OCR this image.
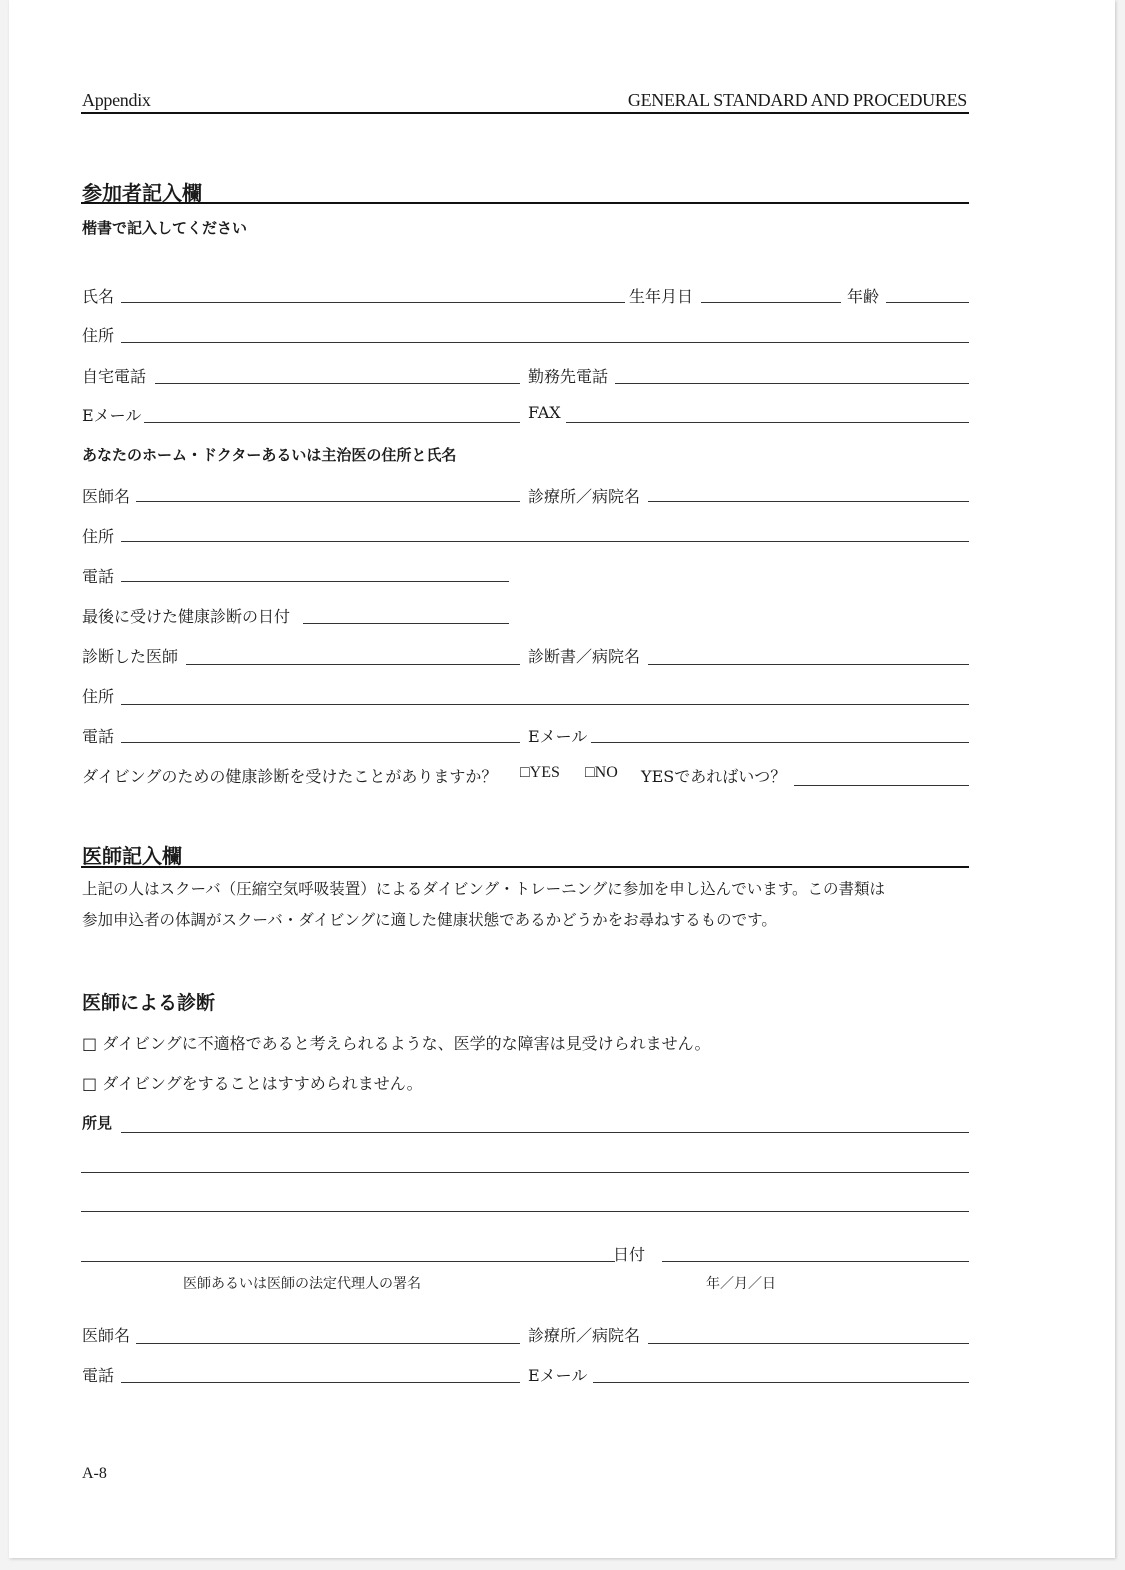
Appendix	GENERAL STANDARD AND PROCEDURES
参加者記入欄
楷書で記入してください
氏名	生年月日	年齢
住所
自宅電話	勤務先電話
Eメール	FAX
あなたのホーム・ドクターあるいは主治医の住所と氏名
医師名	診療所／病院名
住所
電話
最後に受けた健康診断の日付
診断した医師	診断書／病院名
住所
電話	Eメール
ダイビングのための健康診断を受けたことがありますか？ □YES □NO YESであればいつ？
医師記入欄
上記の人はスクーバ（圧縮空気呼吸装置）によるダイビング・トレーニングに参加を申し込んでいます。この書類は
参加申込者の体調がスクーバ・ダイビングに適した健康状態であるかどうかをお尋ねするものです。
医師による診断
□ ダイビングに不適格であると考えられるような、医学的な障害は見受けられません。
□ ダイビングをすることはすすめられません。
所見
日付
医師あるいは医師の法定代理人の署名	年／月／日
医師名	診療所／病院名
電話	Eメール
A-8
